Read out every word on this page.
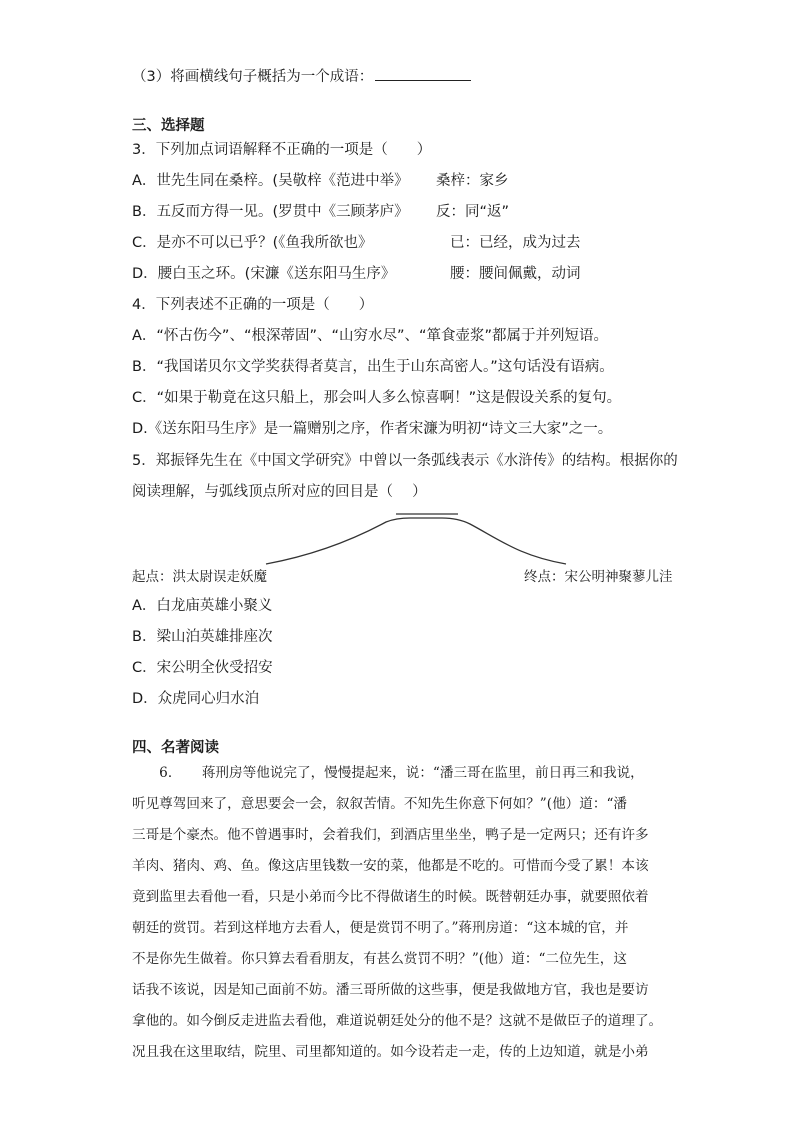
（3）将画横线句子概括为一个成语：
三、选择题
3．下列加点词语解释不正确的一项是（　　）
A．世先生同在桑梓。(吴敬梓《范进中举》 桑梓：家乡
B．五反而方得一见。(罗贯中《三顾茅庐》 反：同“返”
C．是亦不可以已乎？(《鱼我所欲也》	已：已经，成为过去
D．腰白玉之环。(宋濂《送东阳马生序》	腰：腰间佩戴，动词
4．下列表述不正确的一项是（　　）
A．“怀古伤今”、“根深蒂固”、“山穷水尽”、“箪食壶浆”都属于并列短语。
B．“我国诺贝尔文学奖获得者莫言，出生于山东高密人。”这句话没有语病。
C．“如果于勒竟在这只船上，那会叫人多么惊喜啊！”这是假设关系的复句。
D.《送东阳马生序》是一篇赠别之序，作者宋濂为明初“诗文三大家”之一。
5．郑振铎先生在《中国文学研究》中曾以一条弧线表示《水浒传》的结构。根据你的
阅读理解，与弧线顶点所对应的回目是（　 ）
起点：洪太尉误走妖魔	终点：宋公明神聚蓼儿洼
A．白龙庙英雄小聚义
B．梁山泊英雄排座次
C．宋公明全伙受招安
D．众虎同心归水泊
四、名著阅读
　　6．　　蒋刑房等他说完了，慢慢提起来，说：“潘三哥在监里，前日再三和我说，
听见尊驾回来了，意思要会一会，叙叙苦情。不知先生你意下何如？”(他）道：“潘
三哥是个豪杰。他不曾遇事时，会着我们，到酒店里坐坐，鸭子是一定两只；还有许多
羊肉、猪肉、鸡、鱼。像这店里钱数一安的菜，他都是不吃的。可惜而今受了累！本该
竟到监里去看他一看，只是小弟而今比不得做诸生的时候。既替朝廷办事，就要照依着
朝廷的赏罚。若到这样地方去看人，便是赏罚不明了。”蒋刑房道：“这本城的官，并
不是你先生做着。你只算去看看朋友，有甚么赏罚不明？”(他）道：“二位先生，这
话我不该说，因是知己面前不妨。潘三哥所做的这些事，便是我做地方官，我也是要访
拿他的。如今倒反走进监去看他，难道说朝廷处分的他不是？这就不是做臣子的道理了。
况且我在这里取结，院里、司里都知道的。如今设若走一走，传的上边知道，就是小弟
